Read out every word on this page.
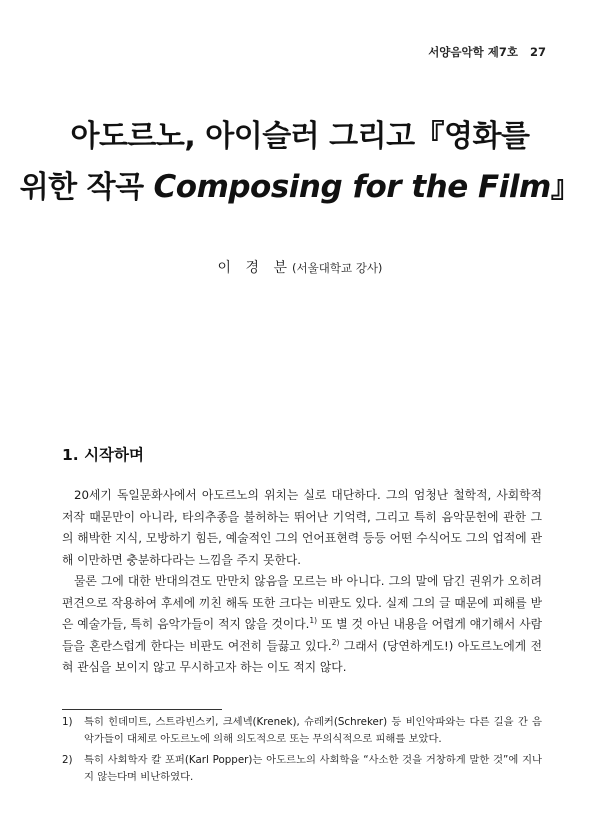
서양음악학 제7호 27
아도르노, 아이슬러 그리고『영화를
위한 작곡 Composing for the Film』
이 경 분(서울대학교 강사)
1. 시작하며

20세기 독일문화사에서 아도르노의 위치는 실로 대단하다. 그의 엄청난 철학적, 사회학적 저작 때문만이 아니라, 타의추종을 불허하는 뛰어난 기억력, 그리고 특히 음악문헌에 관한 그의 해박한 지식, 모방하기 힘든, 예술적인 그의 언어표현력 등등 어떤 수식어도 그의 업적에 관해 이만하면 충분하다라는 느낌을 주지 못한다.

물론 그에 대한 반대의견도 만만치 않음을 모르는 바 아니다. 그의 말에 담긴 권위가 오히려 편견으로 작용하여 후세에 끼친 해독 또한 크다는 비판도 있다. 실제 그의 글 때문에 피해를 받은 예술가들, 특히 음악가들이 적지 않을 것이다.$^{1)}$ 또 별 것 아닌 내용을 어렵게 얘기해서 사람들을 혼란스럽게 한다는 비판도 여전히 들끓고 있다.$^{2)}$ 그래서 (당연하게도!) 아도르노에게 전혀 관심을 보이지 않고 무시하고자 하는 이도 적지 않다.

1)	특히 힌데미트, 스트라빈스키, 크세넥(Krenek), 슈레커(Schreker) 등 비인악파와는 다른 길을 간 음악가들이 대체로 아도르노에 의해 의도적으로 또는 무의식적으로 피해를 보았다.
2)	특히 사회학자 칼 포퍼(Karl Popper)는 아도르노의 사회학을 “사소한 것을 거창하게 말한 것”에 지나지 않는다며 비난하였다.
